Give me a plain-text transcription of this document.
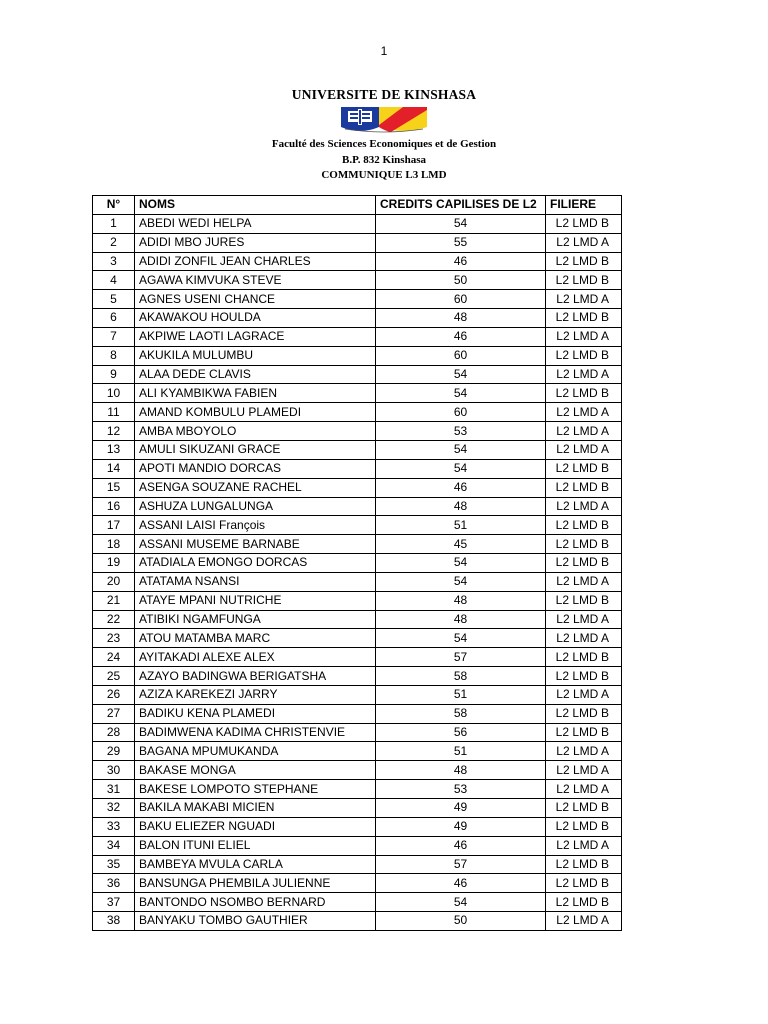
1
UNIVERSITE DE KINSHASA
Faculté des Sciences Economiques et de Gestion
B.P. 832 Kinshasa
COMMUNIQUE L3 LMD
N°	NOMS	CREDITS CAPILISES DE L2	FILIERE
1	ABEDI WEDI HELPA	54	L2 LMD B
2	ADIDI MBO JURES	55	L2 LMD A
3	ADIDI ZONFIL JEAN CHARLES	46	L2 LMD B
4	AGAWA KIMVUKA STEVE	50	L2 LMD B
5	AGNES USENI CHANCE	60	L2 LMD A
6	AKAWAKOU HOULDA	48	L2 LMD B
7	AKPIWE LAOTI LAGRACE	46	L2 LMD A
8	AKUKILA MULUMBU	60	L2 LMD B
9	ALAA DEDE CLAVIS	54	L2 LMD A
10	ALI KYAMBIKWA FABIEN	54	L2 LMD B
11	AMAND KOMBULU PLAMEDI	60	L2 LMD A
12	AMBA MBOYOLO	53	L2 LMD A
13	AMULI SIKUZANI GRACE	54	L2 LMD A
14	APOTI MANDIO DORCAS	54	L2 LMD B
15	ASENGA SOUZANE RACHEL	46	L2 LMD B
16	ASHUZA LUNGALUNGA	48	L2 LMD A
17	ASSANI LAISI François	51	L2 LMD B
18	ASSANI MUSEME BARNABE	45	L2 LMD B
19	ATADIALA EMONGO DORCAS	54	L2 LMD B
20	ATATAMA NSANSI	54	L2 LMD A
21	ATAYE MPANI NUTRICHE	48	L2 LMD B
22	ATIBIKI NGAMFUNGA	48	L2 LMD A
23	ATOU MATAMBA MARC	54	L2 LMD A
24	AYITAKADI ALEXE ALEX	57	L2 LMD B
25	AZAYO BADINGWA BERIGATSHA	58	L2 LMD B
26	AZIZA KAREKEZI JARRY	51	L2 LMD A
27	BADIKU KENA PLAMEDI	58	L2 LMD B
28	BADIMWENA KADIMA CHRISTENVIE	56	L2 LMD B
29	BAGANA MPUMUKANDA	51	L2 LMD A
30	BAKASE MONGA	48	L2 LMD A
31	BAKESE LOMPOTO STEPHANE	53	L2 LMD A
32	BAKILA MAKABI MICIEN	49	L2 LMD B
33	BAKU ELIEZER NGUADI	49	L2 LMD B
34	BALON ITUNI ELIEL	46	L2 LMD A
35	BAMBEYA MVULA CARLA	57	L2 LMD B
36	BANSUNGA PHEMBILA JULIENNE	46	L2 LMD B
37	BANTONDO NSOMBO BERNARD	54	L2 LMD B
38	BANYAKU TOMBO GAUTHIER	50	L2 LMD A
